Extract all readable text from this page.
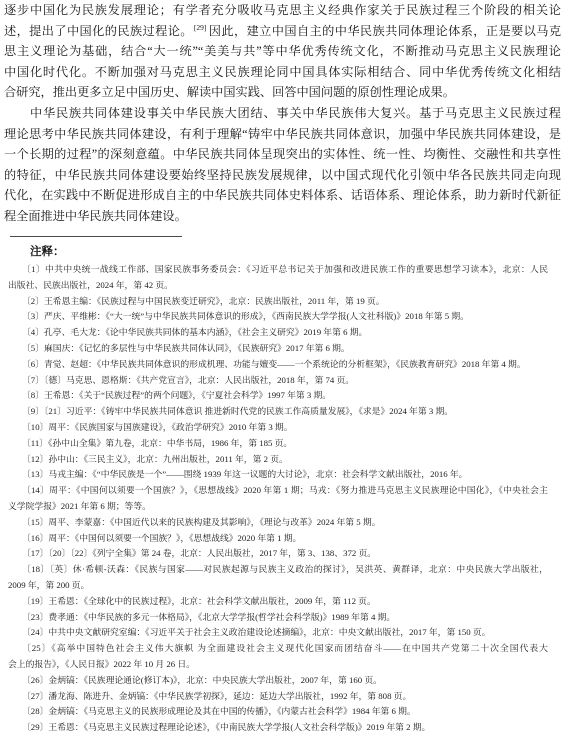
逐步中国化为民族发展理论；有学者充分吸收马克思主义经典作家关于民族过程三个阶段的相关论
述，提出了中国化的民族过程论。[29] 因此，建立中国自主的中华民族共同体理论体系，正是要以马克
思主义理论为基础，结合“大一统”“美美与共”等中华优秀传统文化，不断推动马克思主义民族理论
中国化时代化。不断加强对马克思主义民族理论同中国具体实际相结合、同中华优秀传统文化相结
合研究，推出更多立足中国历史、解读中国实践、回答中国问题的原创性理论成果。
中华民族共同体建设事关中华民族大团结、事关中华民族伟大复兴。基于马克思主义民族过程
理论思考中华民族共同体建设，有利于理解“铸牢中华民族共同体意识，加强中华民族共同体建设，是
一个长期的过程”的深刻意蕴。中华民族共同体呈现突出的实体性、统一性、均衡性、交融性和共享性
的特征，中华民族共同体建设要始终坚持民族发展规律，以中国式现代化引领中华各民族共同走向现
代化，在实践中不断促进形成自主的中华民族共同体史料体系、话语体系、理论体系，助力新时代新征
程全面推进中华民族共同体建设。
注释：
〔1〕中共中央统一战线工作部、国家民族事务委员会：《习近平总书记关于加强和改进民族工作的重要思想学习读本》，北京：人民
出版社、民族出版社，2024 年，第 42 页。
〔2〕王希恩主编：《民族过程与中国民族变迁研究》，北京：民族出版社，2011 年，第 19 页。
〔3〕严庆、平维彬：《“大一统”与中华民族共同体意识的形成》，《西南民族大学学报(人文社科版)》2018 年第 5 期。
〔4〕孔亭、毛大龙：《论中华民族共同体的基本内涵》，《社会主义研究》2019 年第 6 期。
〔5〕麻国庆：《记忆的多层性与中华民族共同体认同》，《民族研究》2017 年第 6 期。
〔6〕青觉、赵超：《中华民族共同体意识的形成机理、功能与嬗变——一个系统论的分析框架》，《民族教育研究》2018 年第 4 期。
〔7〕〔德〕马克思、恩格斯：《共产党宣言》，北京：人民出版社，2018 年，第 74 页。
〔8〕王希恩：《关于“民族过程”的两个问题》，《宁夏社会科学》1997 年第 3 期。
〔9〕〔21〕习近平：《铸牢中华民族共同体意识 推进新时代党的民族工作高质量发展》，《求是》2024 年第 3 期。
〔10〕周平：《民族国家与国族建设》，《政治学研究》2010 年第 3 期。
〔11〕《孙中山全集》第九卷，北京：中华书局，1986 年，第 185 页。
〔12〕孙中山：《三民主义》，北京：九州出版社，2011 年，第 2 页。
〔13〕马戎主编：《“中华民族是一个”——围绕 1939 年这一议题的大讨论》，北京：社会科学文献出版社，2016 年。
〔14〕周平：《中国何以须要一个国族？》，《思想战线》2020 年第 1 期；马戎：《努力推进马克思主义民族理论中国化》，《中央社会主
义学院学报》2021 年第 6 期；等等。
〔15〕周平、李蒙嘉：《中国近代以来的民族构建及其影响》，《理论与改革》2024 年第 5 期。
〔16〕周平：《中国何以须要一个国族？》，《思想战线》2020 年第 1 期。
〔17〕〔20〕〔22〕《列宁全集》第 24 卷，北京：人民出版社，2017 年，第 3、138、372 页。
〔18〕〔英〕休·希顿-沃森：《民族与国家——对民族起源与民族主义政治的探讨》，吴洪英、黄群译，北京：中央民族大学出版社，
2009 年，第 200 页。
〔19〕王希恩：《全球化中的民族过程》，北京：社会科学文献出版社，2009 年，第 112 页。
〔23〕费孝通：《中华民族的多元一体格局》，《北京大学学报(哲学社会科学版)》1989 年第 4 期。
〔24〕中共中央文献研究室编：《习近平关于社会主义政治建设论述摘编》，北京：中央文献出版社，2017 年，第 150 页。
〔25〕《高举中国特色社会主义伟大旗帜 为全面建设社会主义现代化国家而团结奋斗——在中国共产党第二十次全国代表大
会上的报告》，《人民日报》2022 年 10 月 26 日。
〔26〕金炳镐：《民族理论通论(修订本)》，北京：中央民族大学出版社，2007 年，第 160 页。
〔27〕潘龙海、陈进升、金炳镐：《中华民族学初探》，延边：延边大学出版社，1992 年，第 808 页。
〔28〕金炳镐：《马克思主义的民族形成理论及其在中国的传播》，《内蒙古社会科学》1984 年第 6 期。
〔29〕王希恩：《马克思主义民族过程理论论述》，《中南民族大学学报(人文社会科学版)》2019 年第 2 期。
